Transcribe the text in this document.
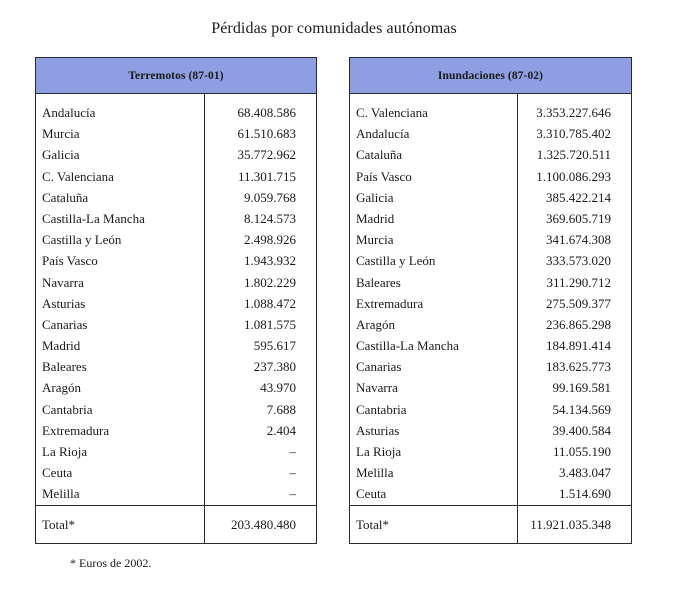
Pérdidas por comunidades autónomas
Terremotos (87-01)
Andalucía	68.408.586
Murcia	61.510.683
Galicia	35.772.962
C. Valenciana	11.301.715
Cataluña	9.059.768
Castilla-La Mancha	8.124.573
Castilla y León	2.498.926
País Vasco	1.943.932
Navarra	1.802.229
Asturias	1.088.472
Canarias	1.081.575
Madrid	595.617
Baleares	237.380
Aragón	43.970
Cantabria	7.688
Extremadura	2.404
La Rioja	–
Ceuta	–
Melilla	–
Total*	203.480.480
Inundaciones (87-02)
C. Valenciana	3.353.227.646
Andalucía	3.310.785.402
Cataluña	1.325.720.511
País Vasco	1.100.086.293
Galicia	385.422.214
Madrid	369.605.719
Murcia	341.674.308
Castilla y León	333.573.020
Baleares	311.290.712
Extremadura	275.509.377
Aragón	236.865.298
Castilla-La Mancha	184.891.414
Canarias	183.625.773
Navarra	99.169.581
Cantabria	54.134.569
Asturias	39.400.584
La Rioja	11.055.190
Melilla	3.483.047
Ceuta	1.514.690
Total*	11.921.035.348
* Euros de 2002.
